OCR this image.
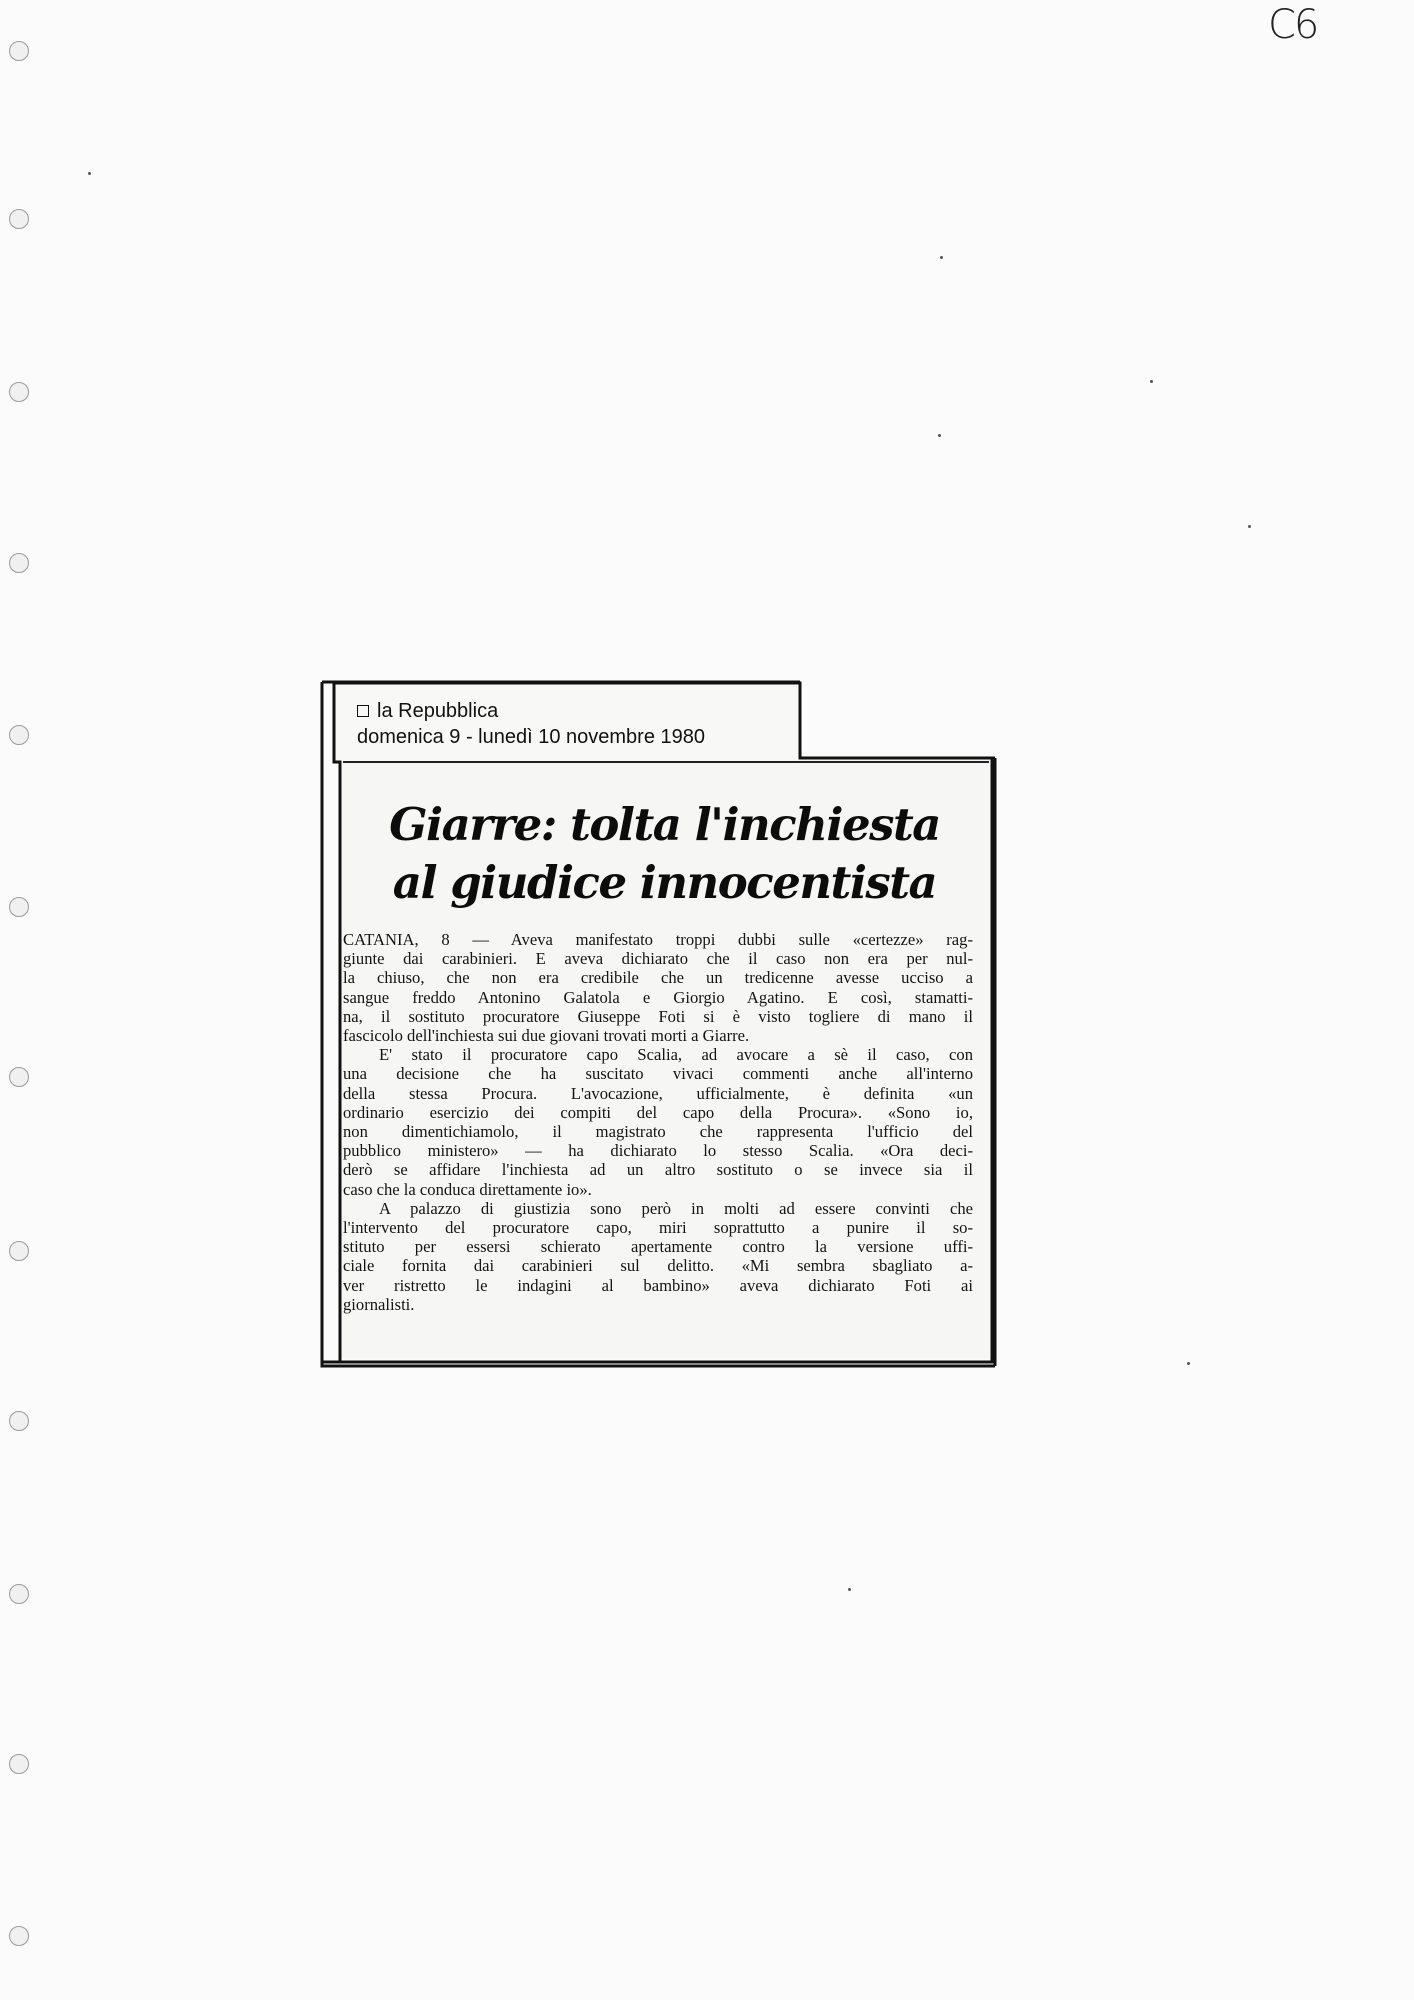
C6
la Repubblica
domenica 9 - lunedì 10 novembre 1980
Giarre: tolta l'inchiesta
al giudice innocentista
CATANIA, 8 — Aveva manifestato troppi dubbi sulle «certezze» rag-
giunte dai carabinieri. E aveva dichiarato che il caso non era per nul-
la chiuso, che non era credibile che un tredicenne avesse ucciso a
sangue freddo Antonino Galatola e Giorgio Agatino. E così, stamatti-
na, il sostituto procuratore Giuseppe Foti si è visto togliere di mano il
fascicolo dell'inchiesta sui due giovani trovati morti a Giarre.
E' stato il procuratore capo Scalia, ad avocare a sè il caso, con
una decisione che ha suscitato vivaci commenti anche all'interno
della stessa Procura. L'avocazione, ufficialmente, è definita «un
ordinario esercizio dei compiti del capo della Procura». «Sono io,
non dimentichiamolo, il magistrato che rappresenta l'ufficio del
pubblico ministero» — ha dichiarato lo stesso Scalia. «Ora deci-
derò se affidare l'inchiesta ad un altro sostituto o se invece sia il
caso che la conduca direttamente io».
A palazzo di giustizia sono però in molti ad essere convinti che
l'intervento del procuratore capo, miri soprattutto a punire il so-
stituto per essersi schierato apertamente contro la versione uffi-
ciale fornita dai carabinieri sul delitto. «Mi sembra sbagliato a-
ver ristretto le indagini al bambino» aveva dichiarato Foti ai
giornalisti.
